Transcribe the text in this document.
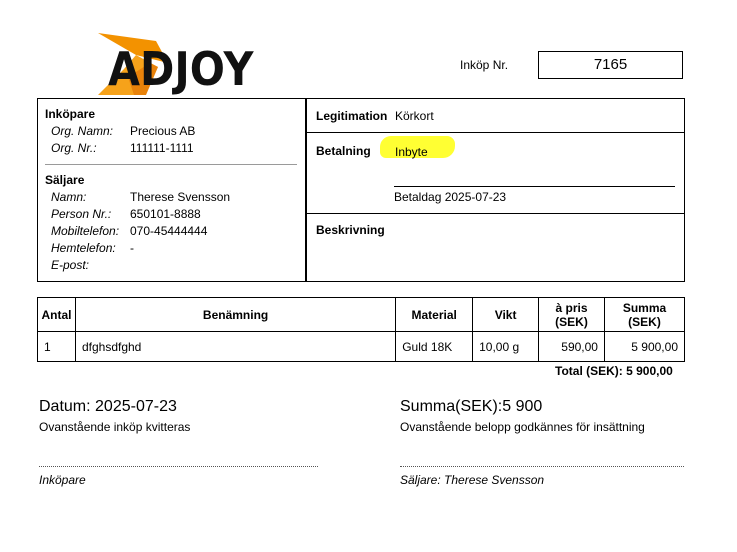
ADJOY	Inköp Nr.	7165
Inköpare
Org. Namn: Precious AB
Org. Nr.:	111111-1111
Säljare
Namn:	Therese Svensson
Person Nr.: 650101-8888
Mobiltelefon: 070-45444444
Hemtelefon: -
E-post:
Legitimation Körkort
Betalning Inbyte
Betaldag 2025-07-23
Beskrivning
Antal	Benämning	Material	Vikt	à pris (SEK)	Summa (SEK)
1	dfghsdfghd	Guld 18K	10,00 g	590,00	5 900,00
Total (SEK): 5 900,00
Datum: 2025-07-23
Ovanstående inköp kvitteras
Inköpare
Summa(SEK):5 900
Ovanstående belopp godkännes för insättning
Säljare: Therese Svensson
